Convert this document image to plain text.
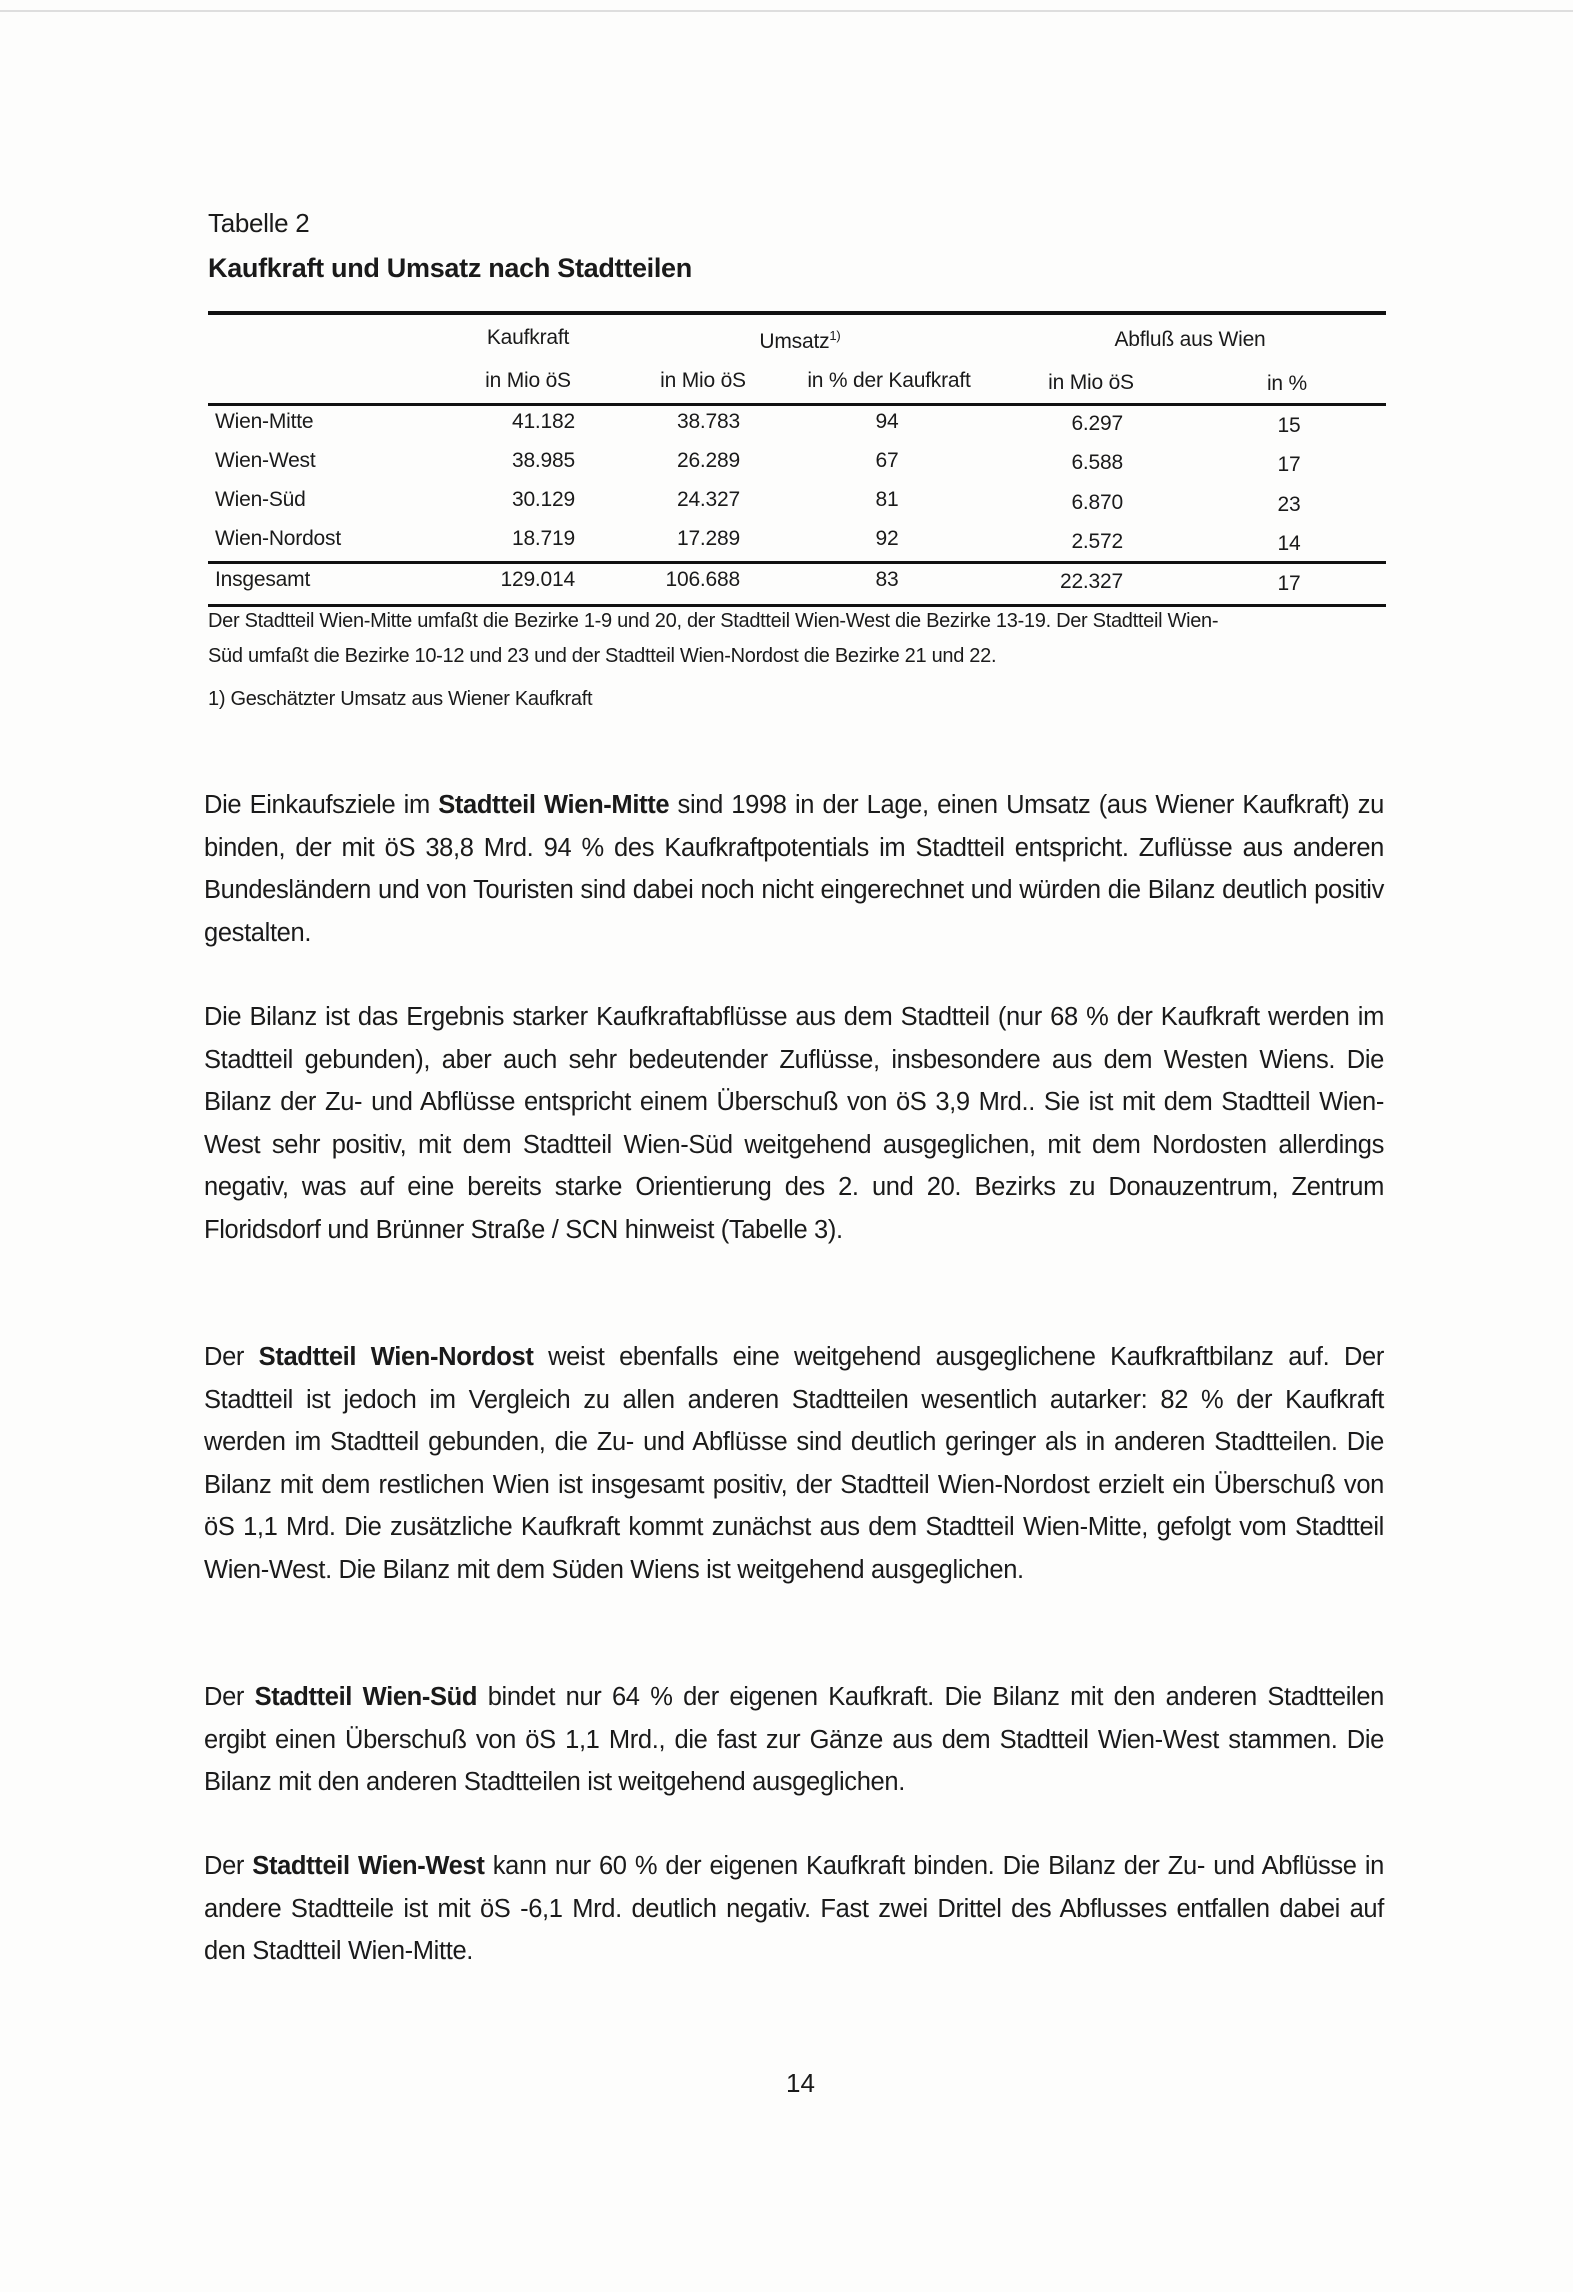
Tabelle 2
Kaufkraft und Umsatz nach Stadtteilen
Kaufkraft	Umsatz$^{1)}$	Abfluß aus Wien
in Mio öS	in Mio öS	in % der Kaufkraft	in Mio öS	in %
Wien-Mitte	41.182	38.783	94	6.297	15
Wien-West	38.985	26.289	67	6.588	17
Wien-Süd	30.129	24.327	81	6.870	23
Wien-Nordost	18.719	17.289	92	2.572	14
Insgesamt	129.014	106.688	83	22.327	17
Der Stadtteil Wien-Mitte umfaßt die Bezirke 1-9 und 20, der Stadtteil Wien-West die Bezirke 13-19. Der Stadtteil Wien-
Süd umfaßt die Bezirke 10-12 und 23 und der Stadtteil Wien-Nordost die Bezirke 21 und 22.
1) Geschätzter Umsatz aus Wiener Kaufkraft

Die Einkaufsziele im Stadtteil Wien-Mitte sind 1998 in der Lage, einen Umsatz (aus Wiener Kaufkraft) zu binden, der mit öS 38,8 Mrd. 94 % des Kaufkraftpotentials im Stadtteil entspricht. Zuflüsse aus anderen Bundesländern und von Touristen sind dabei noch nicht eingerechnet und würden die Bilanz deutlich positiv gestalten.

Die Bilanz ist das Ergebnis starker Kaufkraftabflüsse aus dem Stadtteil (nur 68 % der Kaufkraft werden im Stadtteil gebunden), aber auch sehr bedeutender Zuflüsse, insbesondere aus dem Westen Wiens. Die Bilanz der Zu- und Abflüsse entspricht einem Überschuß von öS 3,9 Mrd.. Sie ist mit dem Stadtteil Wien-West sehr positiv, mit dem Stadtteil Wien-Süd weitgehend ausgeglichen, mit dem Nordosten allerdings negativ, was auf eine bereits starke Orientierung des 2. und 20. Bezirks zu Donauzentrum, Zentrum Floridsdorf und Brünner Straße / SCN hinweist (Tabelle 3).

Der Stadtteil Wien-Nordost weist ebenfalls eine weitgehend ausgeglichene Kaufkraftbilanz auf. Der Stadtteil ist jedoch im Vergleich zu allen anderen Stadtteilen wesentlich autarker: 82 % der Kaufkraft werden im Stadtteil gebunden, die Zu- und Abflüsse sind deutlich geringer als in anderen Stadtteilen. Die Bilanz mit dem restlichen Wien ist insgesamt positiv, der Stadtteil Wien-Nordost erzielt ein Überschuß von öS 1,1 Mrd. Die zusätzliche Kaufkraft kommt zunächst aus dem Stadtteil Wien-Mitte, gefolgt vom Stadtteil Wien-West. Die Bilanz mit dem Süden Wiens ist weitgehend ausgeglichen.

Der Stadtteil Wien-Süd bindet nur 64 % der eigenen Kaufkraft. Die Bilanz mit den anderen Stadtteilen ergibt einen Überschuß von öS 1,1 Mrd., die fast zur Gänze aus dem Stadtteil Wien-West stammen. Die Bilanz mit den anderen Stadtteilen ist weitgehend ausgeglichen.

Der Stadtteil Wien-West kann nur 60 % der eigenen Kaufkraft binden. Die Bilanz der Zu- und Abflüsse in andere Stadtteile ist mit öS -6,1 Mrd. deutlich negativ. Fast zwei Drittel des Abflusses entfallen dabei auf den Stadtteil Wien-Mitte.

14
